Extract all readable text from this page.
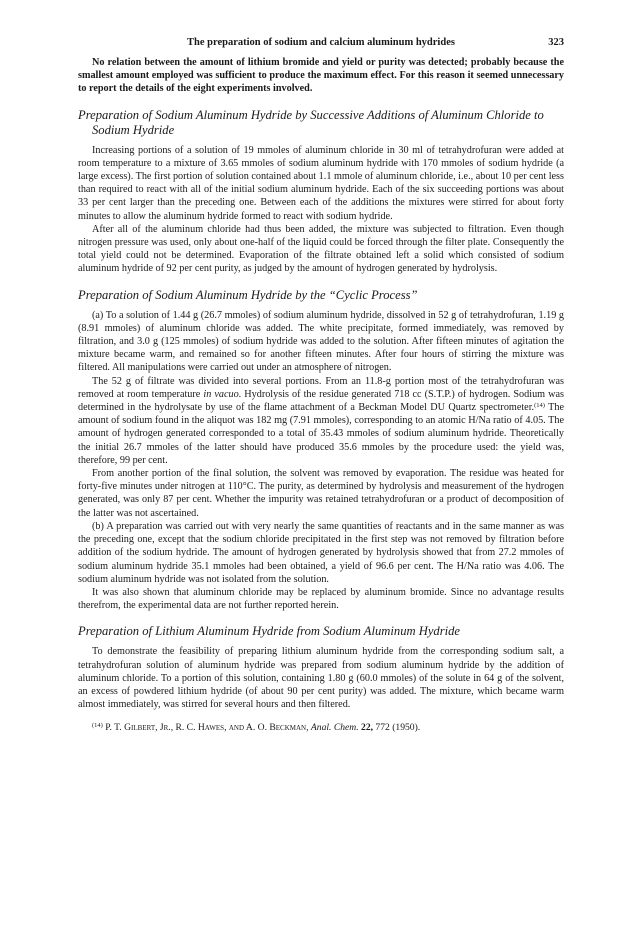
The preparation of sodium and calcium aluminum hydrides	323

No relation between the amount of lithium bromide and yield or purity was detected; probably because the smallest amount employed was sufficient to produce the maximum effect. For this reason it seemed unnecessary to report the details of the eight experiments involved.

Preparation of Sodium Aluminum Hydride by Successive Additions of Aluminum Chloride to Sodium Hydride

Increasing portions of a solution of 19 mmoles of aluminum chloride in 30 ml of tetrahydrofuran were added at room temperature to a mixture of 3.65 mmoles of sodium aluminum hydride with 170 mmoles of sodium hydride (a large excess). The first portion of solution contained about 1.1 mmole of aluminum chloride, i.e., about 10 per cent less than required to react with all of the initial sodium aluminum hydride. Each of the six succeeding portions was about 33 per cent larger than the preceding one. Between each of the additions the mixtures were stirred for about forty minutes to allow the aluminum hydride formed to react with sodium hydride.

After all of the aluminum chloride had thus been added, the mixture was subjected to filtration. Even though nitrogen pressure was used, only about one-half of the liquid could be forced through the filter plate. Consequently the total yield could not be determined. Evaporation of the filtrate obtained left a solid which consisted of sodium aluminum hydride of 92 per cent purity, as judged by the amount of hydrogen generated by hydrolysis.

Preparation of Sodium Aluminum Hydride by the “Cyclic Process”

(a) To a solution of 1.44 g (26.7 mmoles) of sodium aluminum hydride, dissolved in 52 g of tetrahydrofuran, 1.19 g (8.91 mmoles) of aluminum chloride was added. The white precipitate, formed immediately, was removed by filtration, and 3.0 g (125 mmoles) of sodium hydride was added to the solution. After fifteen minutes of agitation the mixture became warm, and remained so for another fifteen minutes. After four hours of stirring the mixture was filtered. All manipulations were carried out under an atmosphere of nitrogen.

The 52 g of filtrate was divided into several portions. From an 11.8-g portion most of the tetrahydrofuran was removed at room temperature in vacuo. Hydrolysis of the residue generated 718 cc (S.T.P.) of hydrogen. Sodium was determined in the hydrolysate by use of the flame attachment of a Beckman Model DU Quartz spectrometer.$^{(14)}$ The amount of sodium found in the aliquot was 182 mg (7.91 mmoles), corresponding to an atomic H/Na ratio of 4.05. The amount of hydrogen generated corresponded to a total of 35.43 mmoles of sodium aluminum hydride. Theoretically the initial 26.7 mmoles of the latter should have produced 35.6 mmoles by the procedure used: the yield was, therefore, 99 per cent.

From another portion of the final solution, the solvent was removed by evaporation. The residue was heated for forty-five minutes under nitrogen at 110°C. The purity, as determined by hydrolysis and measurement of the hydrogen generated, was only 87 per cent. Whether the impurity was retained tetrahydrofuran or a product of decomposition of the latter was not ascertained.

(b) A preparation was carried out with very nearly the same quantities of reactants and in the same manner as was the preceding one, except that the sodium chloride precipitated in the first step was not removed by filtration before addition of the sodium hydride. The amount of hydrogen generated by hydrolysis showed that from 27.2 mmoles of sodium aluminum hydride 35.1 mmoles had been obtained, a yield of 96.6 per cent. The H/Na ratio was 4.06. The sodium aluminum hydride was not isolated from the solution.

It was also shown that aluminum chloride may be replaced by aluminum bromide. Since no advantage results therefrom, the experimental data are not further reported herein.

Preparation of Lithium Aluminum Hydride from Sodium Aluminum Hydride

To demonstrate the feasibility of preparing lithium aluminum hydride from the corresponding sodium salt, a tetrahydrofuran solution of aluminum hydride was prepared from sodium aluminum hydride by the addition of aluminum chloride. To a portion of this solution, containing 1.80 g (60.0 mmoles) of the solute in 64 g of the solvent, an excess of powdered lithium hydride (of about 90 per cent purity) was added. The mixture, which became warm almost immediately, was stirred for several hours and then filtered.

$^{(14)}$ P. T. Gilbert, Jr., R. C. Hawes, and A. O. Beckman, Anal. Chem. 22, 772 (1950).
